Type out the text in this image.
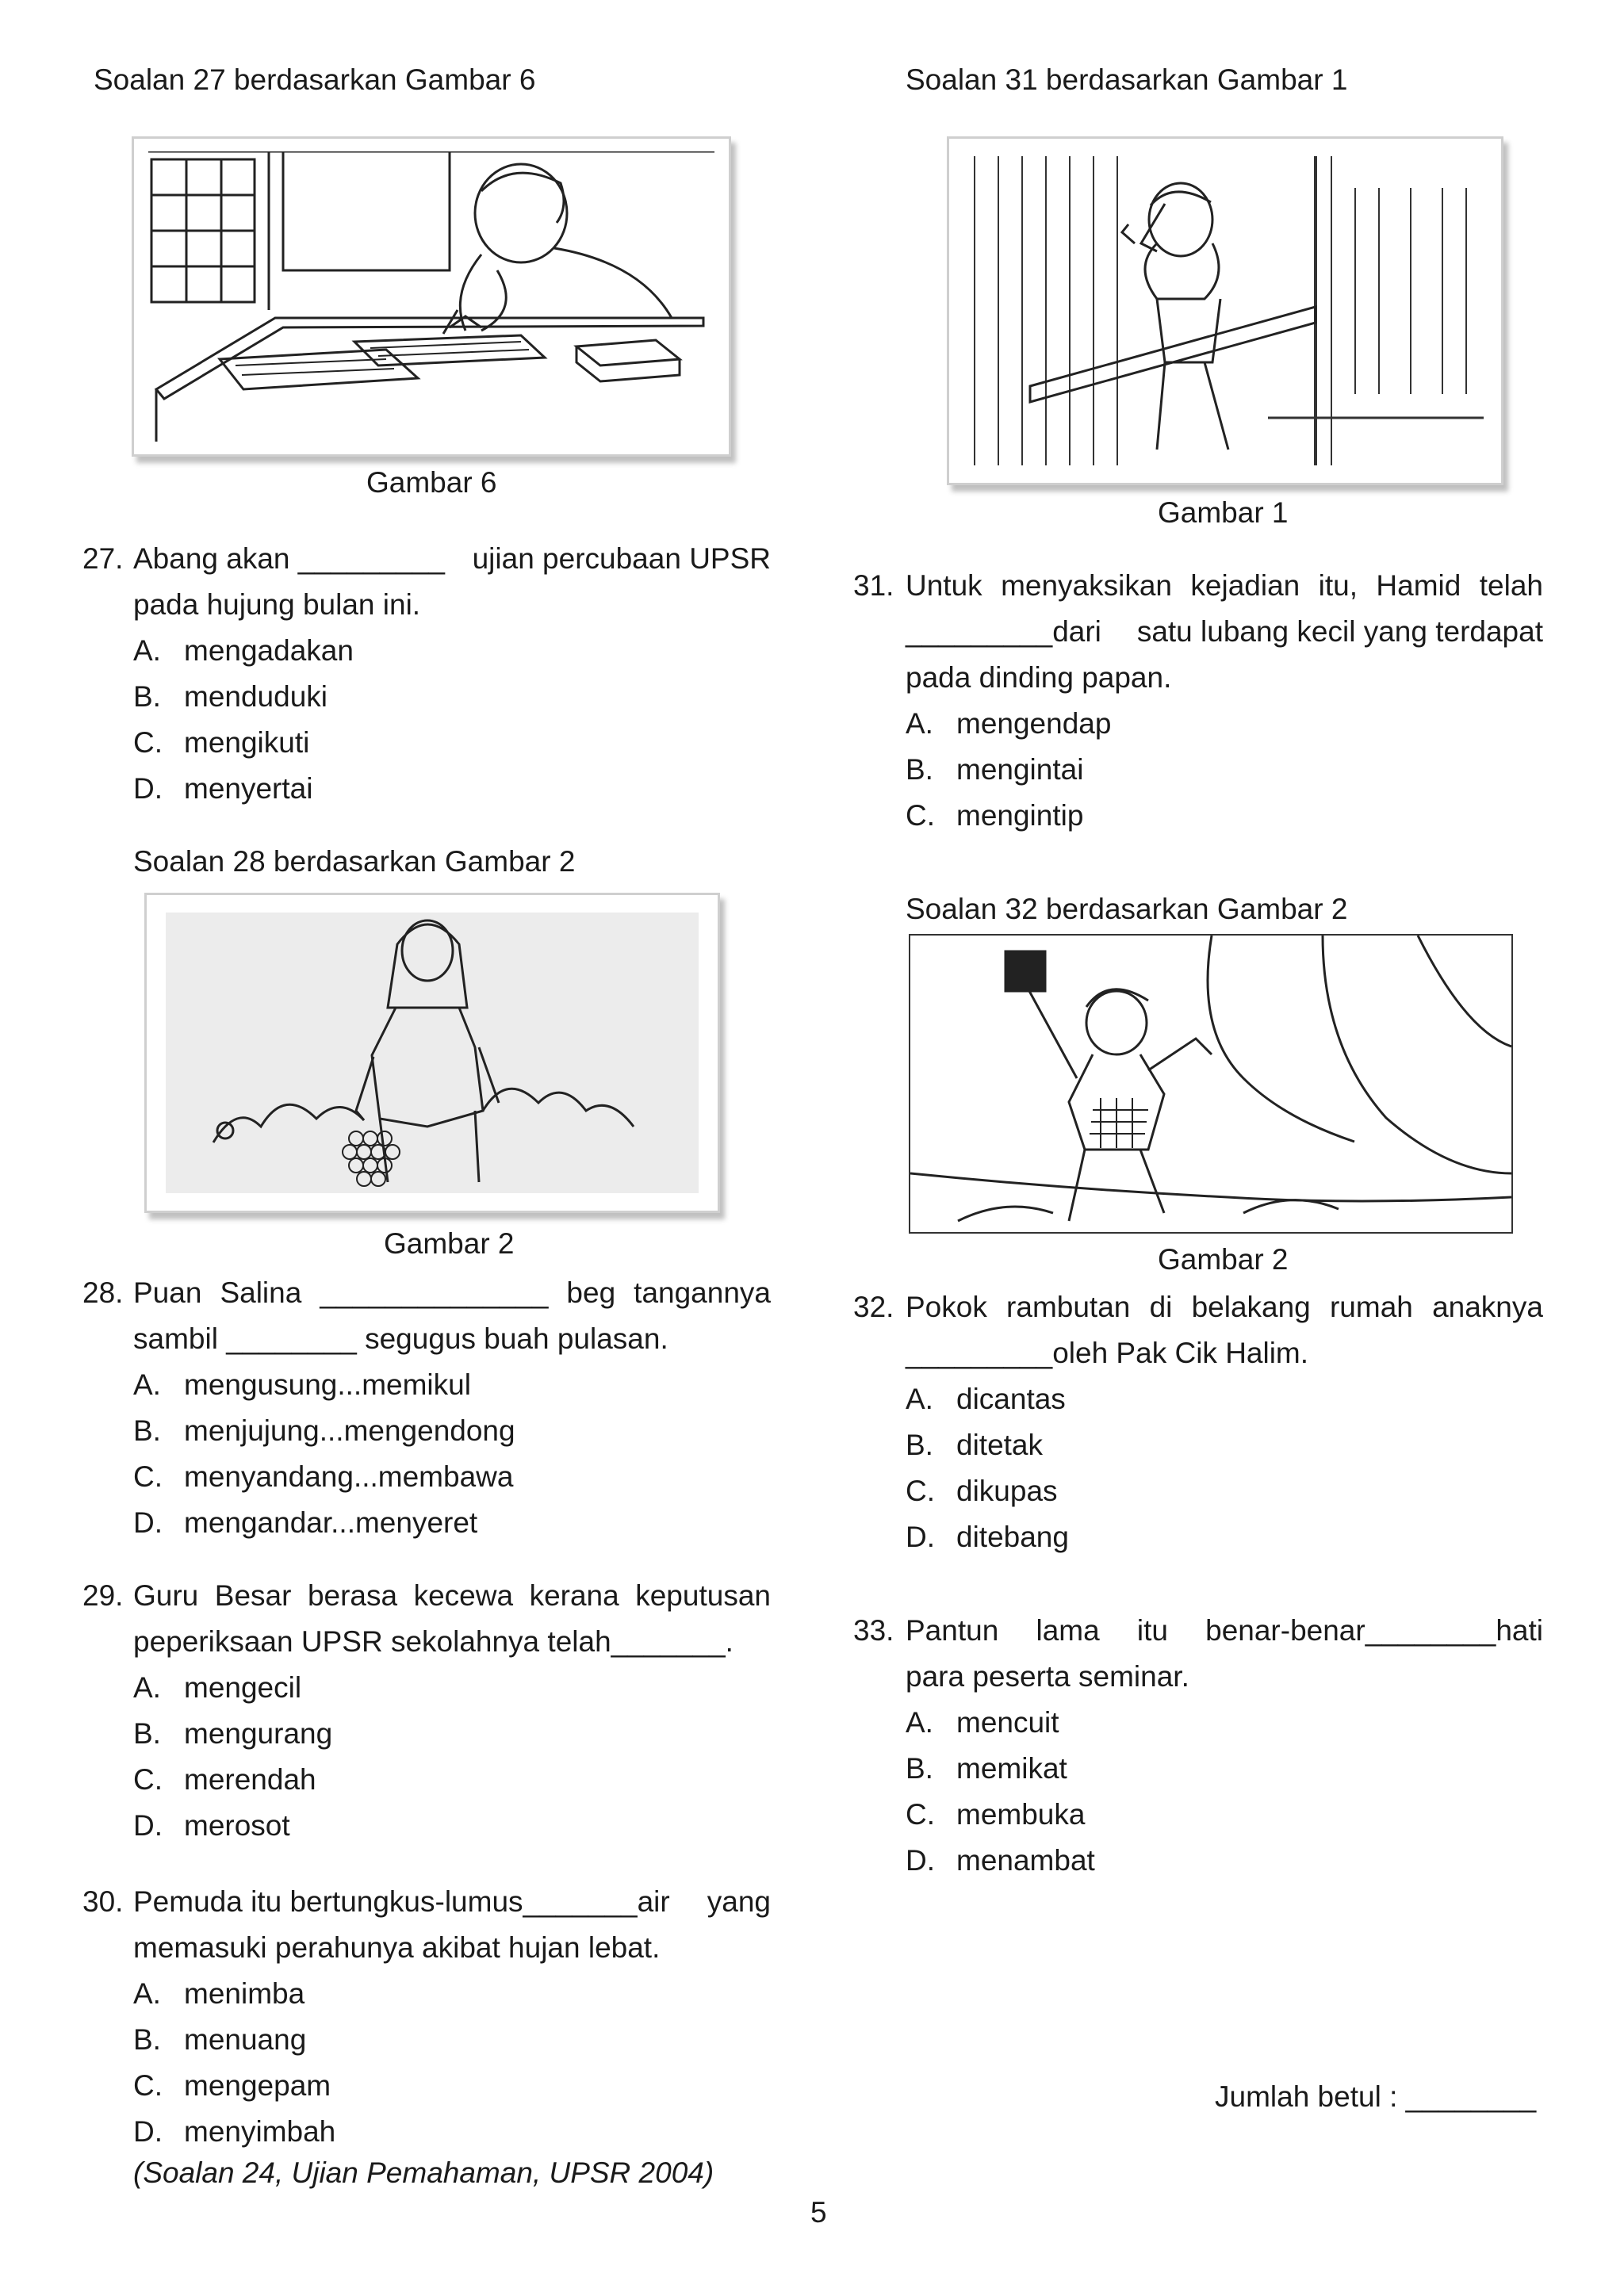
Soalan 27 berdasarkan Gambar 6
Gambar 6
27. Abang akan _________ ujian percubaan UPSR
pada hujung bulan ini.
A. mengadakan
B. menduduki
C. mengikuti
D. menyertai
Soalan 28 berdasarkan Gambar 2
Gambar 2
28. Puan Salina ______________ beg tangannya
sambil ________ segugus buah pulasan.
A. mengusung...memikul
B. menjujung...mengendong
C. menyandang...membawa
D. mengandar...menyeret
29. Guru Besar berasa kecewa kerana keputusan
peperiksaan UPSR sekolahnya telah_______.
A. mengecil
B. mengurang
C. merendah
D. merosot
30. Pemuda itu bertungkus-lumus_______air yang
memasuki perahunya akibat hujan lebat.
A. menimba
B. menuang
C. mengepam
D. menyimbah
(Soalan 24, Ujian Pemahaman, UPSR 2004)
Soalan 31 berdasarkan Gambar 1
Gambar 1
31. Untuk menyaksikan kejadian itu, Hamid telah
_________dari satu lubang kecil yang terdapat
pada dinding papan.
A. mengendap
B. mengintai
C. mengintip
Soalan 32 berdasarkan Gambar 2
Gambar 2
32. Pokok rambutan di belakang rumah anaknya
_________oleh Pak Cik Halim.
A. dicantas
B. ditetak
C. dikupas
D. ditebang
33. Pantun lama itu benar-benar________hati
para peserta seminar.
A. mencuit
B. memikat
C. membuka
D. menambat
Jumlah betul : ________
5
